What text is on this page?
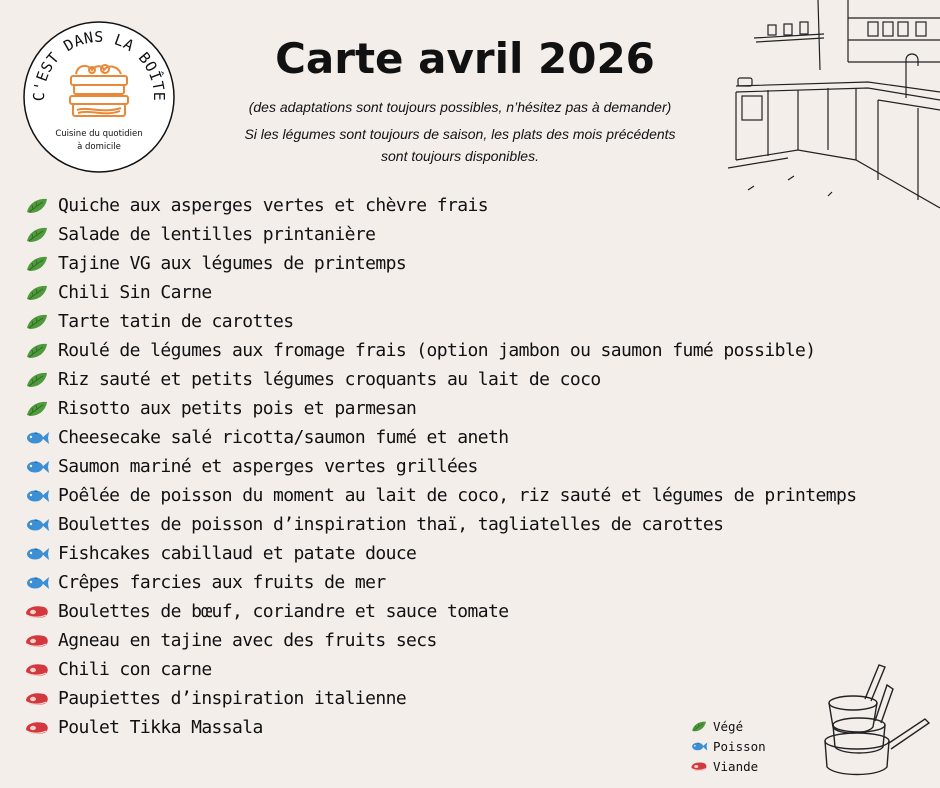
C'EST DANS LA BOÎTE
Cuisine du quotidien
à domicile
Carte avril 2026
(des adaptations sont toujours possibles, n’hésitez pas à demander)
Si les légumes sont toujours de saison, les plats des mois précédents
sont toujours disponibles.
Quiche aux asperges vertes et chèvre frais
Salade de lentilles printanière
Tajine VG aux légumes de printemps
Chili Sin Carne
Tarte tatin de carottes
Roulé de légumes aux fromage frais (option jambon ou saumon fumé possible)
Riz sauté et petits légumes croquants au lait de coco
Risotto aux petits pois et parmesan
Cheesecake salé ricotta/saumon fumé et aneth
Saumon mariné et asperges vertes grillées
Poêlée de poisson du moment au lait de coco, riz sauté et légumes de printemps
Boulettes de poisson d’inspiration thaï, tagliatelles de carottes
Fishcakes cabillaud et patate douce
Crêpes farcies aux fruits de mer
Boulettes de bœuf, coriandre et sauce tomate
Agneau en tajine avec des fruits secs
Chili con carne
Paupiettes d’inspiration italienne
Poulet Tikka Massala	Végé
Poisson
Viande
